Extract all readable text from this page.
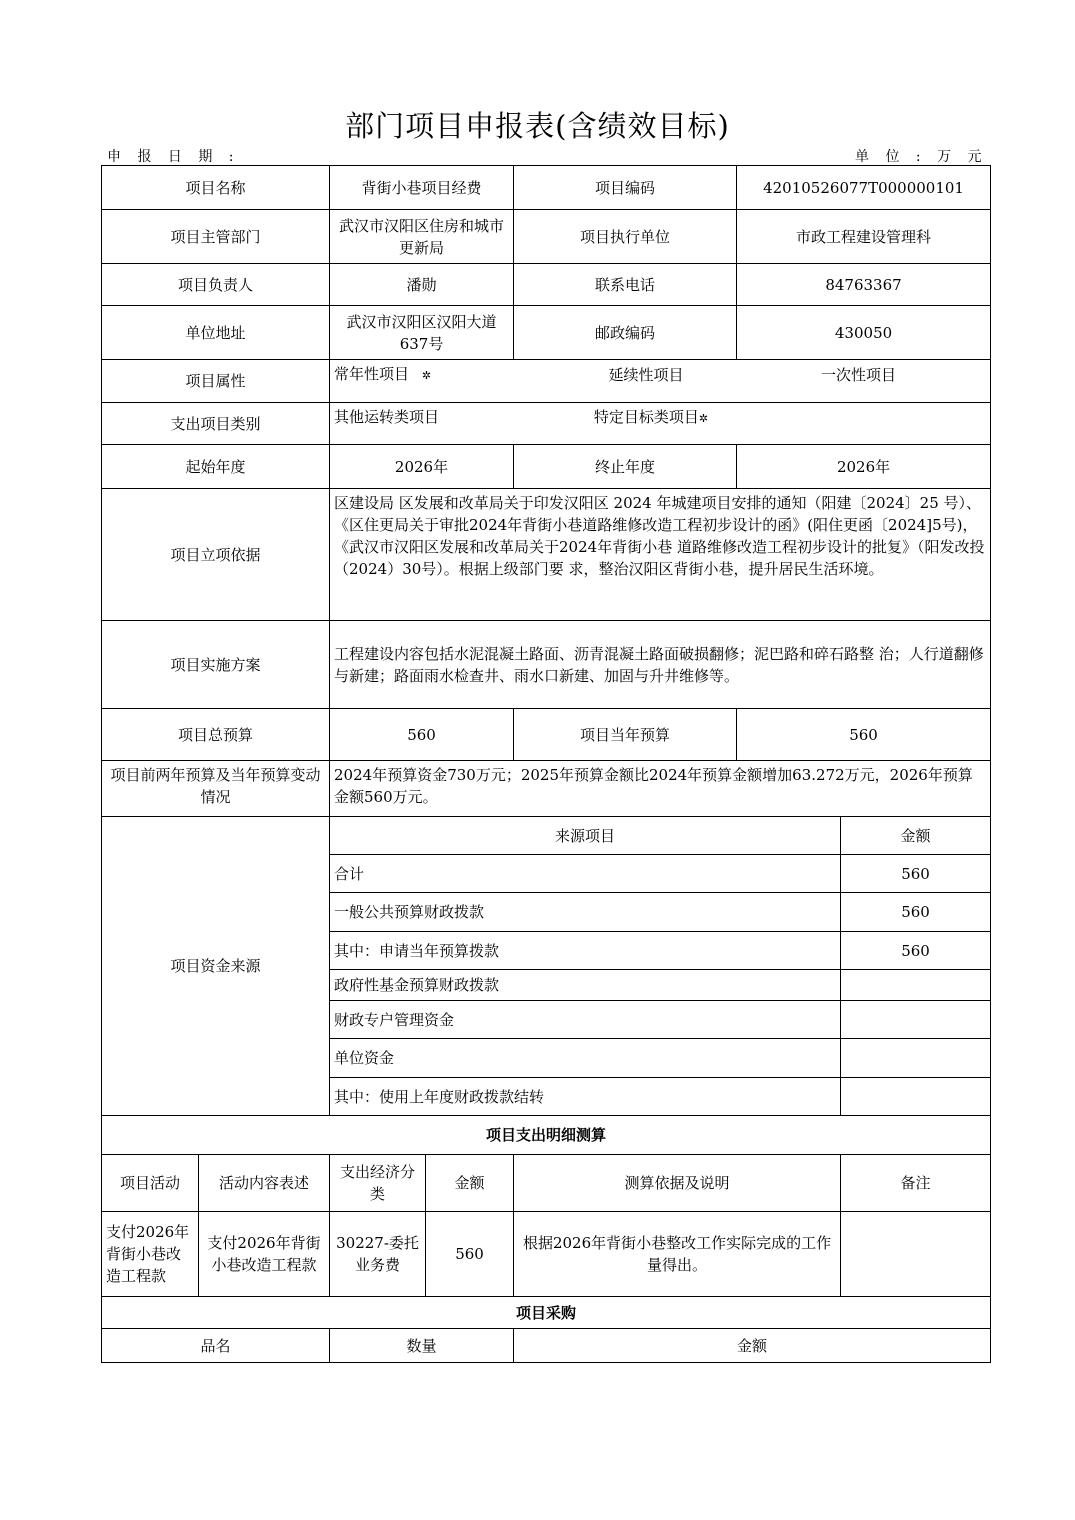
部门项目申报表(含绩效目标)
申 报 日 期 :	单 位 : 万 元
项目名称		背街小巷项目经费		项目编码	42010526077T000000101	
项目主管部门		武汉市汉阳区住房和城市更新局		项目执行单位	市政工程建设管理科	
项目负责人		潘勋		联系电话	84763367	
单位地址		武汉市汉阳区汉阳大道637号		邮政编码	430050	
项目属性		常年性项目 ✲ 延续性项目 一次性项目				

支出项目类别		其他运转类项目 特定目标类项目✲				
起始年度		2026年		终止年度	2026年	
项目立项依据		区建设局 区发展和改革局关于印发汉阳区 2024 年城建项目安排的通知（阳建〔2024〕25 号）、《区住更局关于审批2024年背街小巷道路维修改造工程初步设计的函》(阳住更函〔2024]5号)，《武汉市汉阳区发展和改革局关于2024年背街小巷 道路维修改造工程初步设计的批复》（阳发改投（2024）30号）。根据上级部门要 求，整治汉阳区背街小巷，提升居民生活环境。				
项目实施方案		工程建设内容包括水泥混凝土路面、沥青混凝土路面破损翻修；泥巴路和碎石路整 治；人行道翻修与新建；路面雨水检查井、雨水口新建、加固与升井维修等。				
项目总预算		560		项目当年预算	560	
项目前两年预算及当年预算变动情况		2024年预算资金730万元；2025年预算金额比2024年预算金额增加63.272万元，2026年预算金额560万元。				
项目资金来源		来源项目				金额
		合计				560
		一般公共预算财政拨款				560
		其中：申请当年预算拨款				560
		政府性基金预算财政拨款				
		财政专户管理资金				
		单位资金				
		其中：使用上年度财政拨款结转				
项目支出明细测算						
项目活动	活动内容表述	支出经济分类	金额	测算依据及说明		备注
支付2026年背街小巷改造工程款	支付2026年背街小巷改造工程款	30227-委托业务费	560	根据2026年背街小巷整改工作实际完成的工作量得出。		
项目采购						
品名		数量		金额		
